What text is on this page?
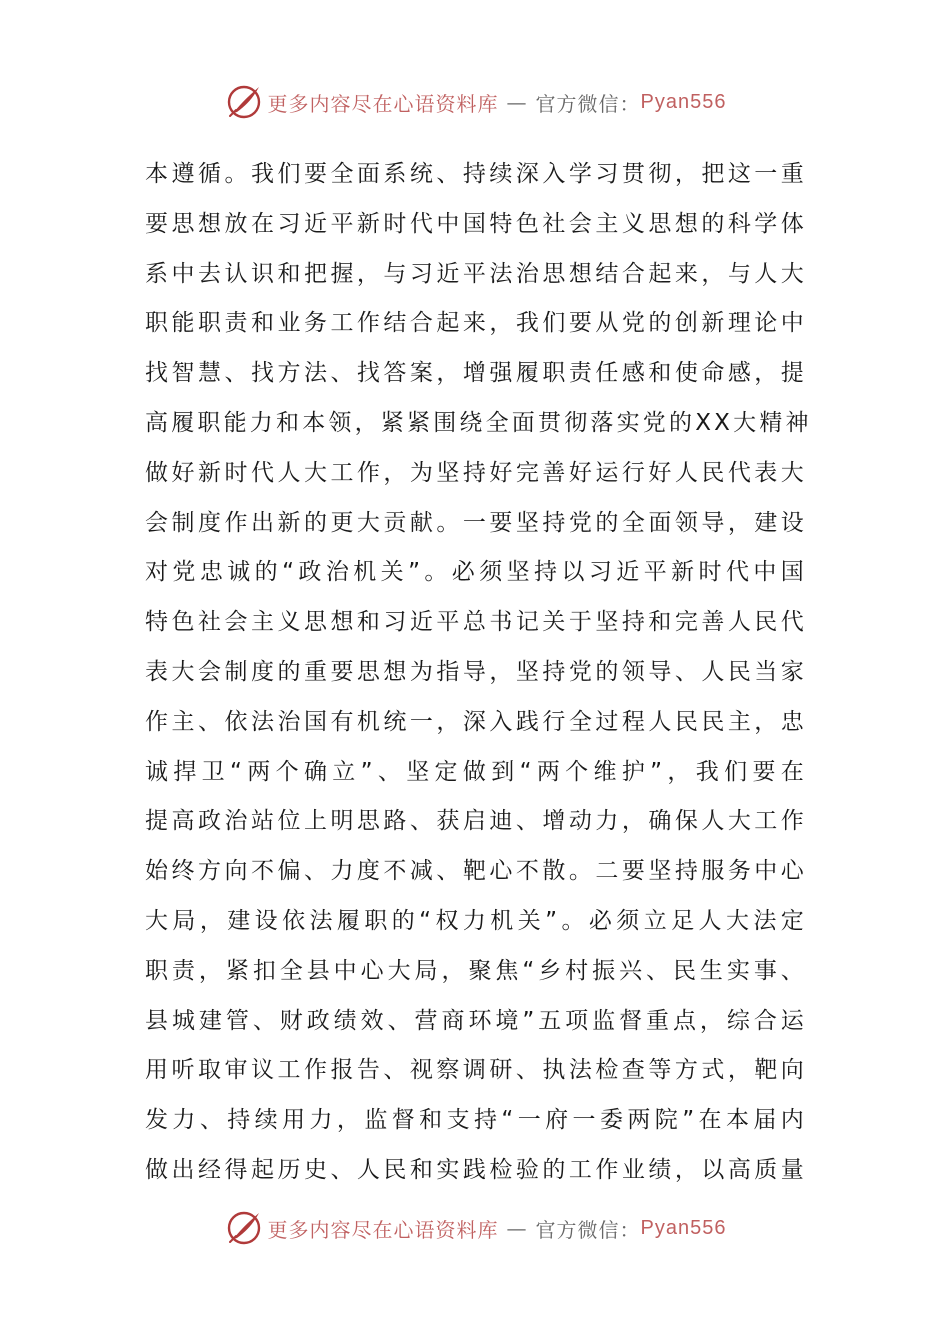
更多内容尽在心语资料库 — 官方微信： Pyan556
本遵循。我们要全面系统、持续深入学习贯彻，把这一重
要思想放在习近平新时代中国特色社会主义思想的科学体
系中去认识和把握，与习近平法治思想结合起来，与人大
职能职责和业务工作结合起来，我们要从党的创新理论中
找智慧、找方法、找答案，增强履职责任感和使命感，提
高履职能力和本领，紧紧围绕全面贯彻落实党的XX大精神
做好新时代人大工作，为坚持好完善好运行好人民代表大
会制度作出新的更大贡献。一要坚持党的全面领导，建设
对党忠诚的“政治机关”。必须坚持以习近平新时代中国
特色社会主义思想和习近平总书记关于坚持和完善人民代
表大会制度的重要思想为指导，坚持党的领导、人民当家
作主、依法治国有机统一，深入践行全过程人民民主，忠
诚捍卫“两个确立”、坚定做到“两个维护”，我们要在
提高政治站位上明思路、获启迪、增动力，确保人大工作
始终方向不偏、力度不减、靶心不散。二要坚持服务中心
大局，建设依法履职的“权力机关”。必须立足人大法定
职责，紧扣全县中心大局，聚焦“乡村振兴、民生实事、
县城建管、财政绩效、营商环境”五项监督重点，综合运
用听取审议工作报告、视察调研、执法检查等方式，靶向
发力、持续用力，监督和支持“一府一委两院”在本届内
做出经得起历史、人民和实践检验的工作业绩，以高质量
更多内容尽在心语资料库 — 官方微信： Pyan556
